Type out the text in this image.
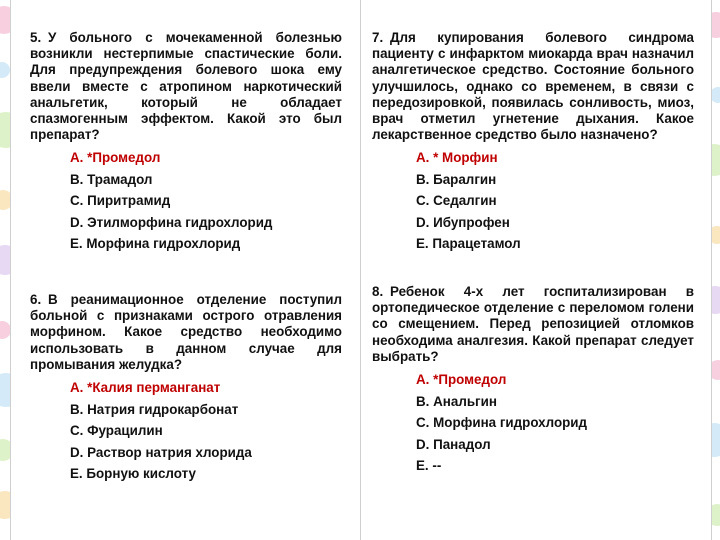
5. У больного с мочекаменной болезнью возникли нестерпимые спастические боли. Для предупреждения болевого шока ему ввели вместе с атропином наркотический анальгетик, который не обладает спазмогенным эффектом. Какой это был препарат?

A. *Промедол
B. Трамадол
C. Пиритрамид
D. Этилморфина гидрохлорид
E. Морфина гидрохлорид

6. В реанимационное отделение поступил больной с признаками острого отравления морфином. Какое средство необходимо использовать в данном случае для промывания желудка?

A. *Калия перманганат
B. Натрия гидрокарбонат
C. Фурацилин
D. Раствор натрия хлорида
E. Борную кислоту

7. Для купирования болевого синдрома пациенту с инфарктом миокарда врач назначил аналгетическое средство. Состояние больного улучшилось, однако со временем, в связи с передозировкой, появилась сонливость, миоз, врач отметил угнетение дыхания. Какое лекарственное средство было назначено?

A. * Морфин
B. Баралгин
C. Седалгин
D. Ибупрофен
E. Парацетамол

8. Ребенок 4-х лет госпитализирован в ортопедическое отделение с переломом голени со смещением. Перед репозицией отломков необходима аналгезия. Какой препарат следует выбрать?

A. *Промедол
B. Анальгин
C. Морфина гидрохлорид
D. Панадол
E. --
